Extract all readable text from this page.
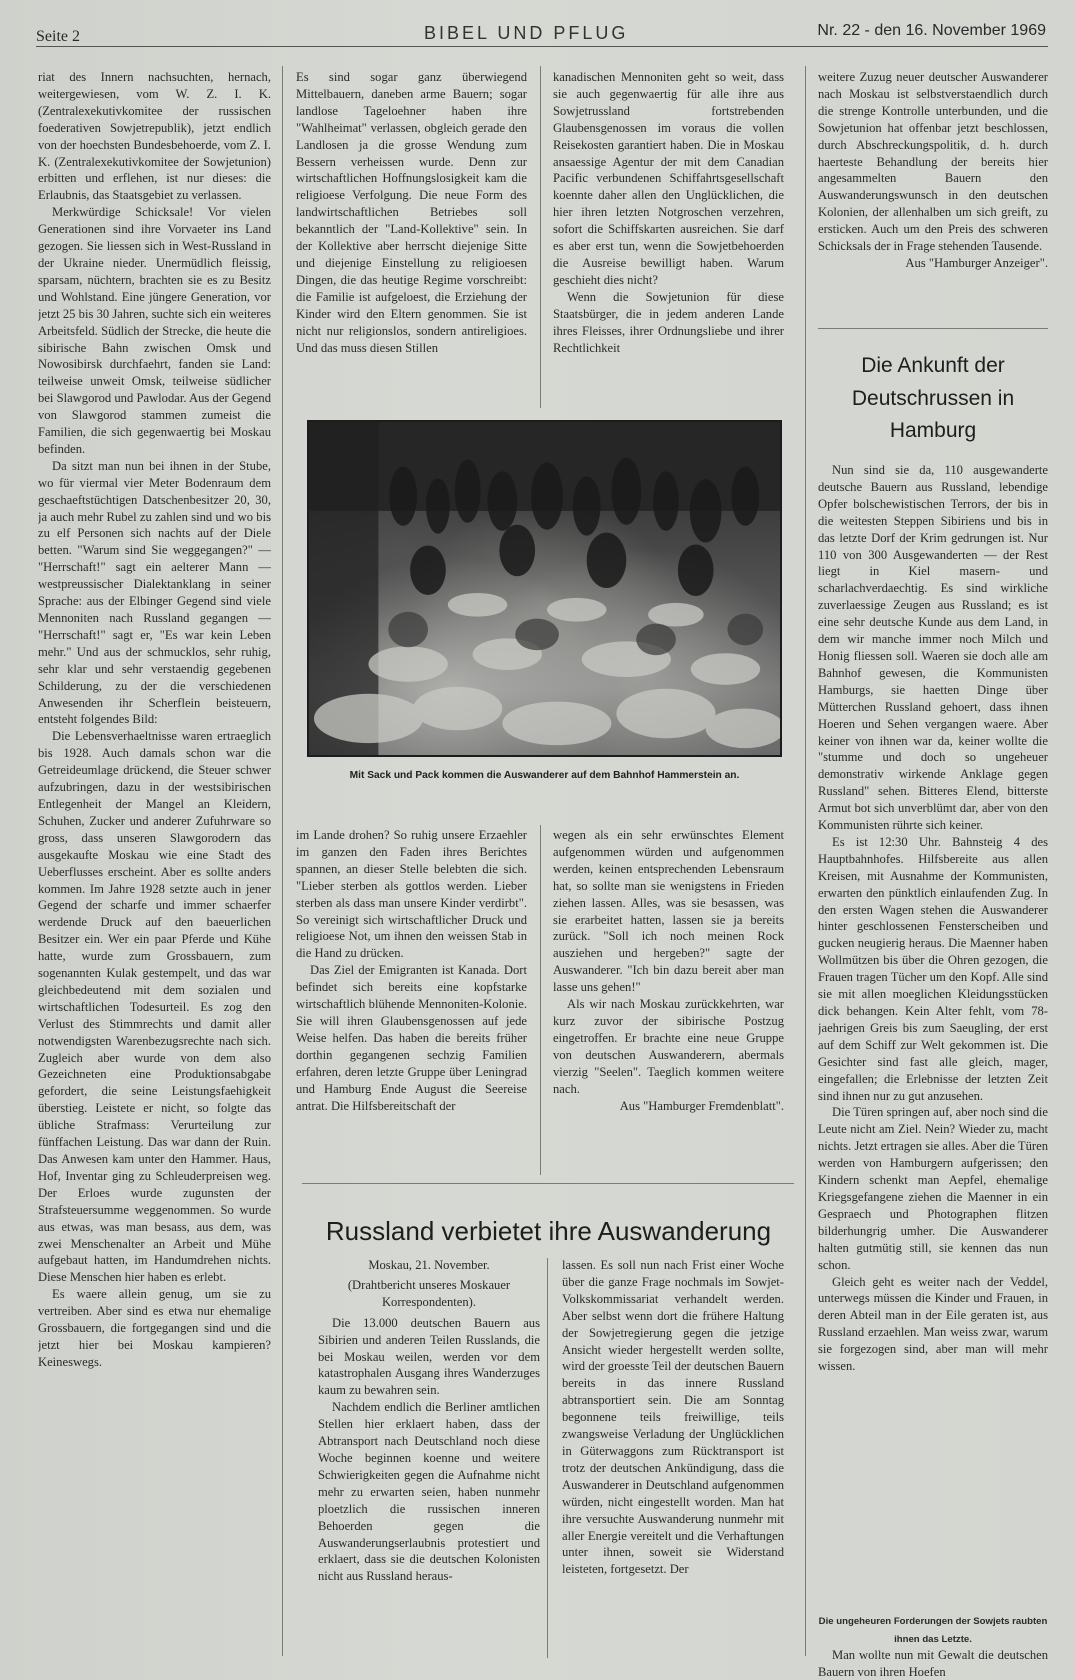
Seite 2	BIBEL UND PFLUG	Nr. 22 - den 16. November 1969

riat des Innern nachsuchten, hernach, weitergewiesen, vom W. Z. I. K. (Zentralexekutivkomitee der russischen foederativen Sowjetrepublik), jetzt endlich von der hoechsten Bundesbehoerde, vom Z. I. K. (Zentralexekutivkomitee der Sowjetunion) erbitten und erflehen, ist nur dieses: die Erlaubnis, das Staatsgebiet zu verlassen.

Merkwürdige Schicksale! Vor vielen Generationen sind ihre Vorvaeter ins Land gezogen. Sie liessen sich in West-Russland in der Ukraine nieder. Unermüdlich fleissig, sparsam, nüchtern, brachten sie es zu Besitz und Wohlstand. Eine jüngere Generation, vor jetzt 25 bis 30 Jahren, suchte sich ein weiteres Arbeitsfeld. Südlich der Strecke, die heute die sibirische Bahn zwischen Omsk und Nowosibirsk durchfaehrt, fanden sie Land: teilweise unweit Omsk, teilweise südlicher bei Slawgorod und Pawlodar. Aus der Gegend von Slawgorod stammen zumeist die Familien, die sich gegenwaertig bei Moskau befinden.

Da sitzt man nun bei ihnen in der Stube, wo für viermal vier Meter Bodenraum dem geschaeftstüchtigen Datschenbesitzer 20, 30, ja auch mehr Rubel zu zahlen sind und wo bis zu elf Personen sich nachts auf der Diele betten. "Warum sind Sie weggegangen?" — "Herrschaft!" sagt ein aelterer Mann — westpreussischer Dialektanklang in seiner Sprache: aus der Elbinger Gegend sind viele Mennoniten nach Russland gegangen — "Herrschaft!" sagt er, "Es war kein Leben mehr." Und aus der schmucklos, sehr ruhig, sehr klar und sehr verstaendig gegebenen Schilderung, zu der die verschiedenen Anwesenden ihr Scherflein beisteuern, entsteht folgendes Bild:

Die Lebensverhaeltnisse waren ertraeglich bis 1928. Auch damals schon war die Getreideumlage drückend, die Steuer schwer aufzubringen, dazu in der westsibirischen Entlegenheit der Mangel an Kleidern, Schuhen, Zucker und anderer Zufuhrware so gross, dass unseren Slawgorodern das ausgekaufte Moskau wie eine Stadt des Ueberflusses erscheint. Aber es sollte anders kommen. Im Jahre 1928 setzte auch in jener Gegend der scharfe und immer schaerfer werdende Druck auf den baeuerlichen Besitzer ein. Wer ein paar Pferde und Kühe hatte, wurde zum Grossbauern, zum sogenannten Kulak gestempelt, und das war gleichbedeutend mit dem sozialen und wirtschaftlichen Todesurteil. Es zog den Verlust des Stimmrechts und damit aller notwendigsten Warenbezugsrechte nach sich. Zugleich aber wurde von dem also Gezeichneten eine Produktionsabgabe gefordert, die seine Leistungsfaehigkeit überstieg. Leistete er nicht, so folgte das übliche Strafmass: Verurteilung zur fünffachen Leistung. Das war dann der Ruin. Das Anwesen kam unter den Hammer. Haus, Hof, Inventar ging zu Schleuderpreisen weg. Der Erloes wurde zugunsten der Strafsteuersumme weggenommen. So wurde aus etwas, was man besass, aus dem, was zwei Menschenalter an Arbeit und Mühe aufgebaut hatten, im Handumdrehen nichts. Diese Menschen hier haben es erlebt.

Es waere allein genug, um sie zu vertreiben. Aber sind es etwa nur ehemalige Grossbauern, die fortgegangen sind und die jetzt hier bei Moskau kampieren? Keineswegs.

Es sind sogar ganz überwiegend Mittelbauern, daneben arme Bauern; sogar landlose Tageloehner haben ihre "Wahlheimat" verlassen, obgleich gerade den Landlosen ja die grosse Wendung zum Bessern verheissen wurde. Denn zur wirtschaftlichen Hoffnungslosigkeit kam die religioese Verfolgung. Die neue Form des landwirtschaftlichen Betriebes soll bekanntlich der "Land-Kollektive" sein. In der Kollektive aber herrscht diejenige Sitte und diejenige Einstellung zu religioesen Dingen, die das heutige Regime vorschreibt: die Familie ist aufgeloest, die Erziehung der Kinder wird den Eltern genommen. Sie ist nicht nur religionslos, sondern antireligioes. Und das muss diesen Stillen

kanadischen Mennoniten geht so weit, dass sie auch gegenwaertig für alle ihre aus Sowjetrussland fortstrebenden Glaubensgenossen im voraus die vollen Reisekosten garantiert haben. Die in Moskau ansaessige Agentur der mit dem Canadian Pacific verbundenen Schiffahrtsgesellschaft koennte daher allen den Unglücklichen, die hier ihren letzten Notgroschen verzehren, sofort die Schiffskarten ausreichen. Sie darf es aber erst tun, wenn die Sowjetbehoerden die Ausreise bewilligt haben. Warum geschieht dies nicht?

Wenn die Sowjetunion für diese Staatsbürger, die in jedem anderen Lande ihres Fleisses, ihrer Ordnungsliebe und ihrer Rechtlichkeit

weitere Zuzug neuer deutscher Auswanderer nach Moskau ist selbstverstaendlich durch die strenge Kontrolle unterbunden, und die Sowjetunion hat offenbar jetzt beschlossen, durch Abschreckungspolitik, d. h. durch haerteste Behandlung der bereits hier angesammelten Bauern den Auswanderungswunsch in den deutschen Kolonien, der allenhalben um sich greift, zu ersticken. Auch um den Preis des schweren Schicksals der in Frage stehenden Tausende.

Aus "Hamburger Anzeiger".

Mit Sack und Pack kommen die Auswanderer auf dem Bahnhof Hammerstein an.

im Lande drohen? So ruhig unsere Erzaehler im ganzen den Faden ihres Berichtes spannen, an dieser Stelle belebten die sich. "Lieber sterben als gottlos werden. Lieber sterben als dass man unsere Kinder verdirbt". So vereinigt sich wirtschaftlicher Druck und religioese Not, um ihnen den weissen Stab in die Hand zu drücken.

Das Ziel der Emigranten ist Kanada. Dort befindet sich bereits eine kopfstarke wirtschaftlich blühende Mennoniten-Kolonie. Sie will ihren Glaubensgenossen auf jede Weise helfen. Das haben die bereits früher dorthin gegangenen sechzig Familien erfahren, deren letzte Gruppe über Leningrad und Hamburg Ende August die Seereise antrat. Die Hilfsbereitschaft der

wegen als ein sehr erwünschtes Element aufgenommen würden und aufgenommen werden, keinen entsprechenden Lebensraum hat, so sollte man sie wenigstens in Frieden ziehen lassen. Alles, was sie besassen, was sie erarbeitet hatten, lassen sie ja bereits zurück. "Soll ich noch meinen Rock ausziehen und hergeben?" sagte der Auswanderer. "Ich bin dazu bereit aber man lasse uns gehen!"

Als wir nach Moskau zurückkehrten, war kurz zuvor der sibirische Postzug eingetroffen. Er brachte eine neue Gruppe von deutschen Auswanderern, abermals vierzig "Seelen". Taeglich kommen weitere nach.

Aus "Hamburger Fremdenblatt".

Russland verbietet ihre Auswanderung

Moskau, 21. November.

(Drahtbericht unseres Moskauer Korrespondenten).

Die 13.000 deutschen Bauern aus Sibirien und anderen Teilen Russlands, die bei Moskau weilen, werden vor dem katastrophalen Ausgang ihres Wanderzuges kaum zu bewahren sein.

Nachdem endlich die Berliner amtlichen Stellen hier erklaert haben, dass der Abtransport nach Deutschland noch diese Woche beginnen koenne und weitere Schwierigkeiten gegen die Aufnahme nicht mehr zu erwarten seien, haben nunmehr ploetzlich die russischen inneren Behoerden gegen die Auswanderungserlaubnis protestiert und erklaert, dass sie die deutschen Kolonisten nicht aus Russland heraus-

lassen. Es soll nun nach Frist einer Woche über die ganze Frage nochmals im Sowjet-Volkskommissariat verhandelt werden. Aber selbst wenn dort die frühere Haltung der Sowjetregierung gegen die jetzige Ansicht wieder hergestellt werden sollte, wird der groesste Teil der deutschen Bauern bereits in das innere Russland abtransportiert sein. Die am Sonntag begonnene teils freiwillige, teils zwangsweise Verladung der Unglücklichen in Güterwaggons zum Rücktransport ist trotz der deutschen Ankündigung, dass die Auswanderer in Deutschland aufgenommen würden, nicht eingestellt worden. Man hat ihre versuchte Auswanderung nunmehr mit aller Energie vereitelt und die Verhaftungen unter ihnen, soweit sie Widerstand leisteten, fortgesetzt. Der

Die Ankunft der Deutschrussen in Hamburg

Nun sind sie da, 110 ausgewanderte deutsche Bauern aus Russland, lebendige Opfer bolschewistischen Terrors, der bis in die weitesten Steppen Sibiriens und bis in das letzte Dorf der Krim gedrungen ist. Nur 110 von 300 Ausgewanderten — der Rest liegt in Kiel masern- und scharlachverdaechtig. Es sind wirkliche zuverlaessige Zeugen aus Russland; es ist eine sehr deutsche Kunde aus dem Land, in dem wir manche immer noch Milch und Honig fliessen soll. Waeren sie doch alle am Bahnhof gewesen, die Kommunisten Hamburgs, sie haetten Dinge über Mütterchen Russland gehoert, dass ihnen Hoeren und Sehen vergangen waere. Aber keiner von ihnen war da, keiner wollte die "stumme und doch so ungeheuer demonstrativ wirkende Anklage gegen Russland" sehen. Bitteres Elend, bitterste Armut bot sich unverblümt dar, aber von den Kommunisten rührte sich keiner.

Es ist 12:30 Uhr. Bahnsteig 4 des Hauptbahnhofes. Hilfsbereite aus allen Kreisen, mit Ausnahme der Kommunisten, erwarten den pünktlich einlaufenden Zug. In den ersten Wagen stehen die Auswanderer hinter geschlossenen Fensterscheiben und gucken neugierig heraus. Die Maenner haben Wollmützen bis über die Ohren gezogen, die Frauen tragen Tücher um den Kopf. Alle sind sie mit allen moeglichen Kleidungsstücken dick behangen. Kein Alter fehlt, vom 78-jaehrigen Greis bis zum Saeugling, der erst auf dem Schiff zur Welt gekommen ist. Die Gesichter sind fast alle gleich, mager, eingefallen; die Erlebnisse der letzten Zeit sind ihnen nur zu gut anzusehen.

Die Türen springen auf, aber noch sind die Leute nicht am Ziel. Nein? Wieder zu, macht nichts. Jetzt ertragen sie alles. Aber die Türen werden von Hamburgern aufgerissen; den Kindern schenkt man Aepfel, ehemalige Kriegsgefangene ziehen die Maenner in ein Gespraech und Photographen flitzen bilderhungrig umher. Die Auswanderer halten gutmütig still, sie kennen das nun schon.

Gleich geht es weiter nach der Veddel, unterwegs müssen die Kinder und Frauen, in deren Abteil man in der Eile geraten ist, aus Russland erzaehlen. Man weiss zwar, warum sie forgezogen sind, aber man will mehr wissen.

Die ungeheuren Forderungen der Sowjets raubten ihnen das Letzte.

Man wollte nun mit Gewalt die deutschen Bauern von ihren Hoefen
